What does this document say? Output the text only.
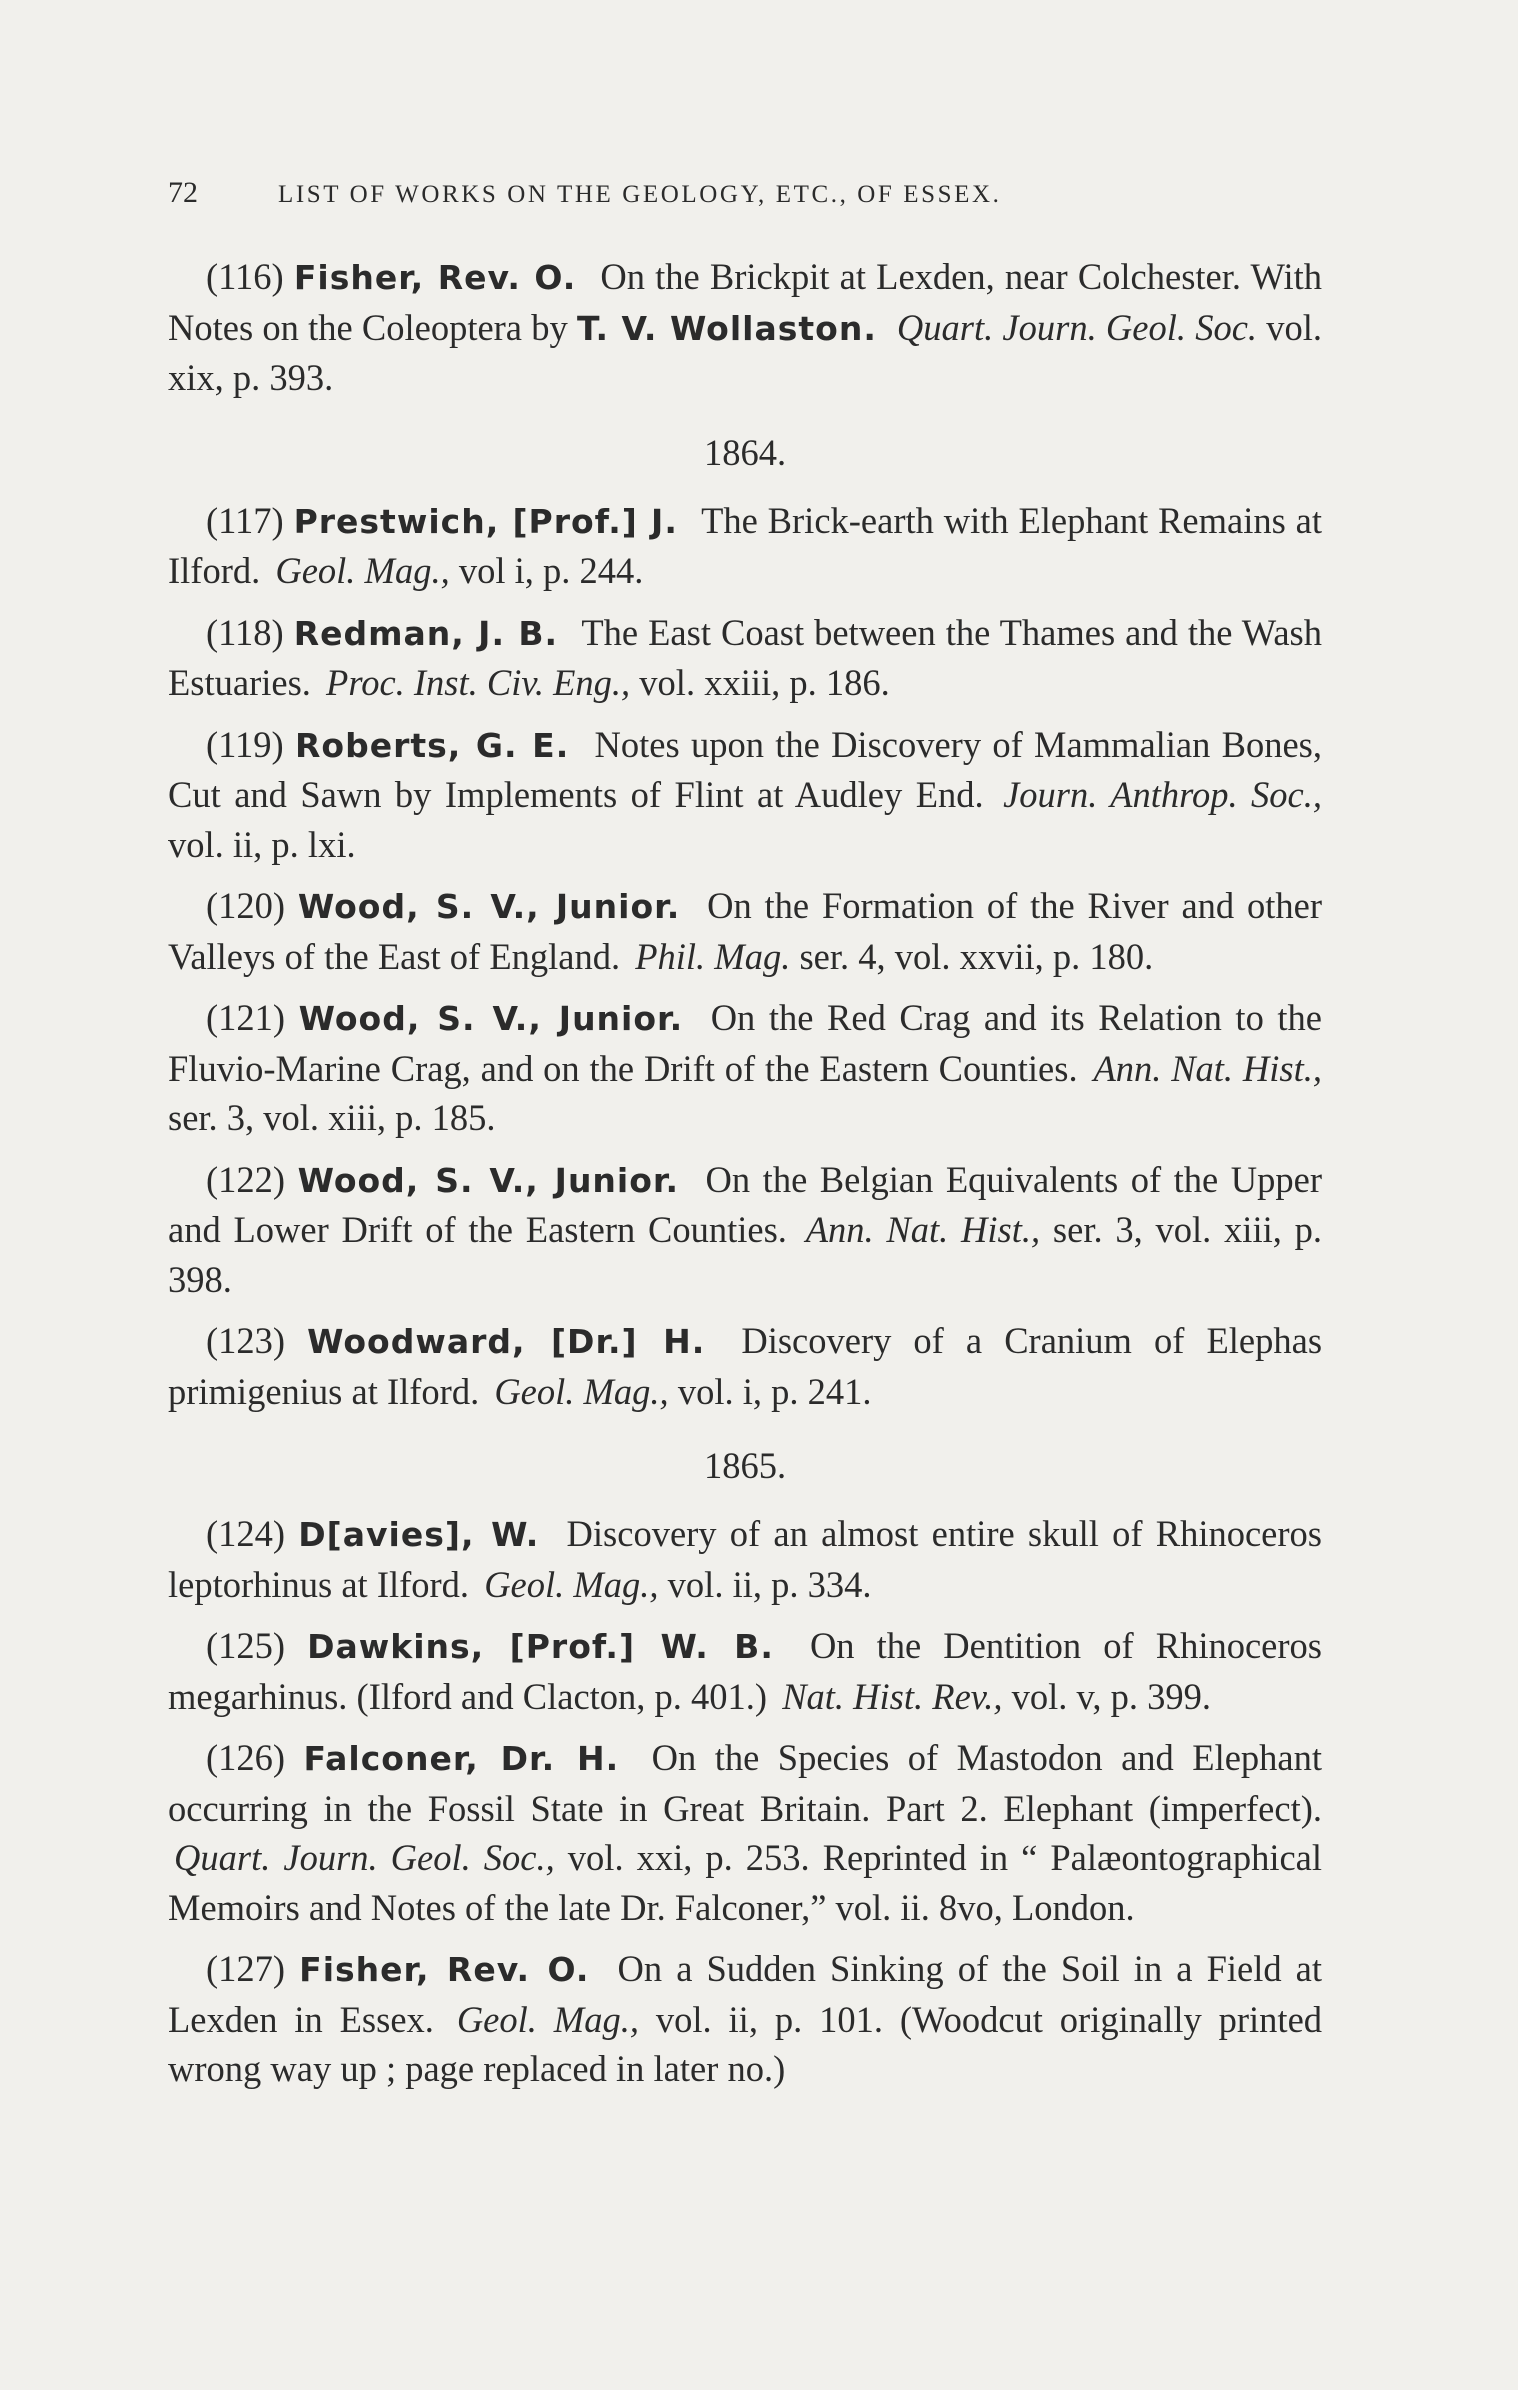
72	LIST OF WORKS ON THE GEOLOGY, ETC., OF ESSEX.

(116) Fisher, Rev. O. On the Brickpit at Lexden, near Colchester. With Notes on the Coleoptera by T. V. Wollaston. Quart. Journ. Geol. Soc. vol. xix, p. 393.

1864.

(117) Prestwich, [Prof.] J. The Brick-earth with Elephant Remains at Ilford. Geol. Mag., vol i, p. 244.

(118) Redman, J. B. The East Coast between the Thames and the Wash Estuaries. Proc. Inst. Civ. Eng., vol. xxiii, p. 186.

(119) Roberts, G. E. Notes upon the Discovery of Mammalian Bones, Cut and Sawn by Implements of Flint at Audley End. Journ. Anthrop. Soc., vol. ii, p. lxi.

(120) Wood, S. V., Junior. On the Formation of the River and other Valleys of the East of England. Phil. Mag. ser. 4, vol. xxvii, p. 180.

(121) Wood, S. V., Junior. On the Red Crag and its Relation to the Fluvio-Marine Crag, and on the Drift of the Eastern Counties. Ann. Nat. Hist., ser. 3, vol. xiii, p. 185.

(122) Wood, S. V., Junior. On the Belgian Equivalents of the Upper and Lower Drift of the Eastern Counties. Ann. Nat. Hist., ser. 3, vol. xiii, p. 398.

(123) Woodward, [Dr.] H. Discovery of a Cranium of Elephas primigenius at Ilford. Geol. Mag., vol. i, p. 241.

1865.

(124) D[avies], W. Discovery of an almost entire skull of Rhinoceros leptorhinus at Ilford. Geol. Mag., vol. ii, p. 334.

(125) Dawkins, [Prof.] W. B. On the Dentition of Rhinoceros megarhinus. (Ilford and Clacton, p. 401.) Nat. Hist. Rev., vol. v, p. 399.

(126) Falconer, Dr. H. On the Species of Mastodon and Elephant occurring in the Fossil State in Great Britain. Part 2. Elephant (imperfect). Quart. Journ. Geol. Soc., vol. xxi, p. 253. Reprinted in “ Palæontographical Memoirs and Notes of the late Dr. Falconer,” vol. ii. 8vo, London.

(127) Fisher, Rev. O. On a Sudden Sinking of the Soil in a Field at Lexden in Essex. Geol. Mag., vol. ii, p. 101. (Woodcut originally printed wrong way up ; page replaced in later no.)
